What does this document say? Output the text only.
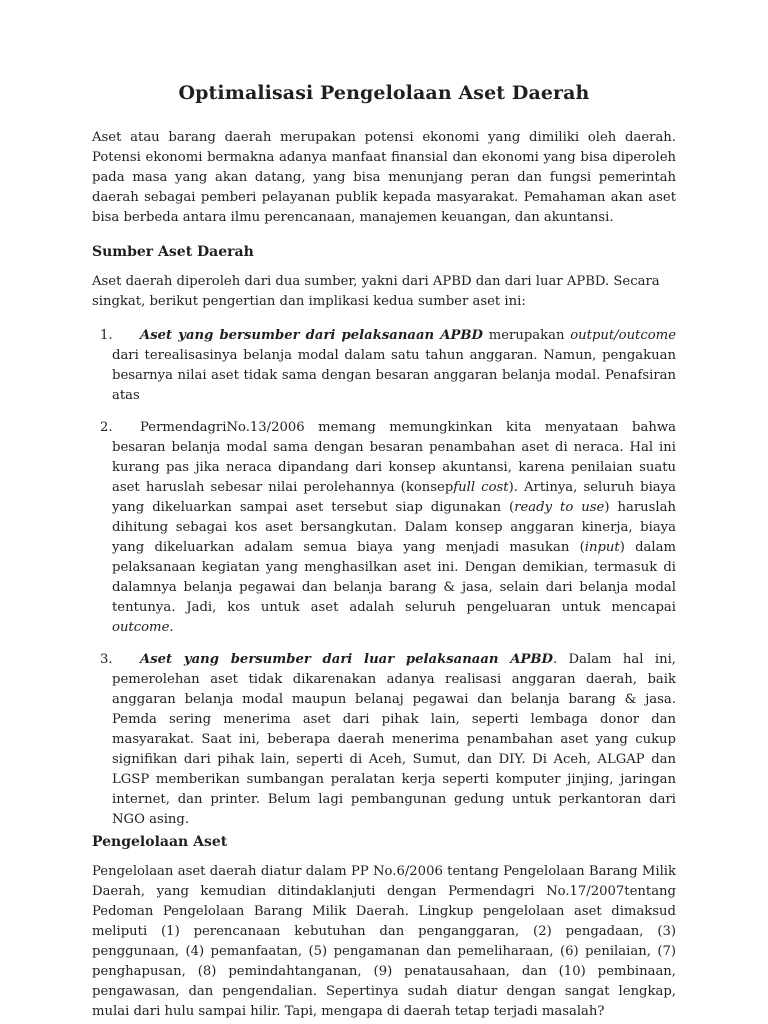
Optimalisasi Pengelolaan Aset Daerah

Aset atau barang daerah merupakan potensi ekonomi yang dimiliki oleh daerah. Potensi ekonomi bermakna adanya manfaat finansial dan ekonomi yang bisa diperoleh pada masa yang akan datang, yang bisa menunjang peran dan fungsi pemerintah daerah sebagai pemberi pelayanan publik kepada masyarakat. Pemahaman akan aset bisa berbeda antara ilmu perencanaan, manajemen keuangan, dan akuntansi.

Sumber Aset Daerah

Aset daerah diperoleh dari dua sumber, yakni dari APBD dan dari luar APBD. Secara singkat, berikut pengertian dan implikasi kedua sumber aset ini:

1.	Aset yang bersumber dari pelaksanaan APBD merupakan output/outcome dari terealisasinya belanja modal dalam satu tahun anggaran. Namun, pengakuan besarnya nilai aset tidak sama dengan besaran anggaran belanja modal. Penafsiran atas

2.	PermendagriNo.13/2006 memang memungkinkan kita menyataan bahwa besaran belanja modal sama dengan besaran penambahan aset di neraca. Hal ini kurang pas jika neraca dipandang dari konsep akuntansi, karena penilaian suatu aset haruslah sebesar nilai perolehannya (konsepfull cost). Artinya, seluruh biaya yang dikeluarkan sampai aset tersebut siap digunakan (ready to use) haruslah dihitung sebagai kos aset bersangkutan. Dalam konsep anggaran kinerja, biaya yang dikeluarkan adalam semua biaya yang menjadi masukan (input) dalam pelaksanaan kegiatan yang menghasilkan aset ini. Dengan demikian, termasuk di dalamnya belanja pegawai dan belanja barang & jasa, selain dari belanja modal tentunya. Jadi, kos untuk aset adalah seluruh pengeluaran untuk mencapai outcome.

3.	Aset yang bersumber dari luar pelaksanaan APBD. Dalam hal ini, pemerolehan aset tidak dikarenakan adanya realisasi anggaran daerah, baik anggaran belanja modal maupun belanaj pegawai dan belanja barang & jasa. Pemda sering menerima aset dari pihak lain, seperti lembaga donor dan masyarakat. Saat ini, beberapa daerah menerima penambahan aset yang cukup signifikan dari pihak lain, seperti di Aceh, Sumut, dan DIY. Di Aceh, ALGAP dan LGSP memberikan sumbangan peralatan kerja seperti komputer jinjing, jaringan internet, dan printer. Belum lagi pembangunan gedung untuk perkantoran dari NGO asing.

Pengelolaan Aset

Pengelolaan aset daerah diatur dalam PP No.6/2006 tentang Pengelolaan Barang Milik Daerah, yang kemudian ditindaklanjuti dengan Permendagri No.17/2007tentang Pedoman Pengelolaan Barang Milik Daerah. Lingkup pengelolaan aset dimaksud meliputi (1) perencanaan kebutuhan dan penganggaran, (2) pengadaan, (3) penggunaan, (4) pemanfaatan, (5) pengamanan dan pemeliharaan, (6) penilaian, (7) penghapusan, (8) pemindahtanganan, (9) penatausahaan, dan (10) pembinaan, pengawasan, dan pengendalian. Sepertinya sudah diatur dengan sangat lengkap, mulai dari hulu sampai hilir. Tapi, mengapa di daerah tetap terjadi masalah?
